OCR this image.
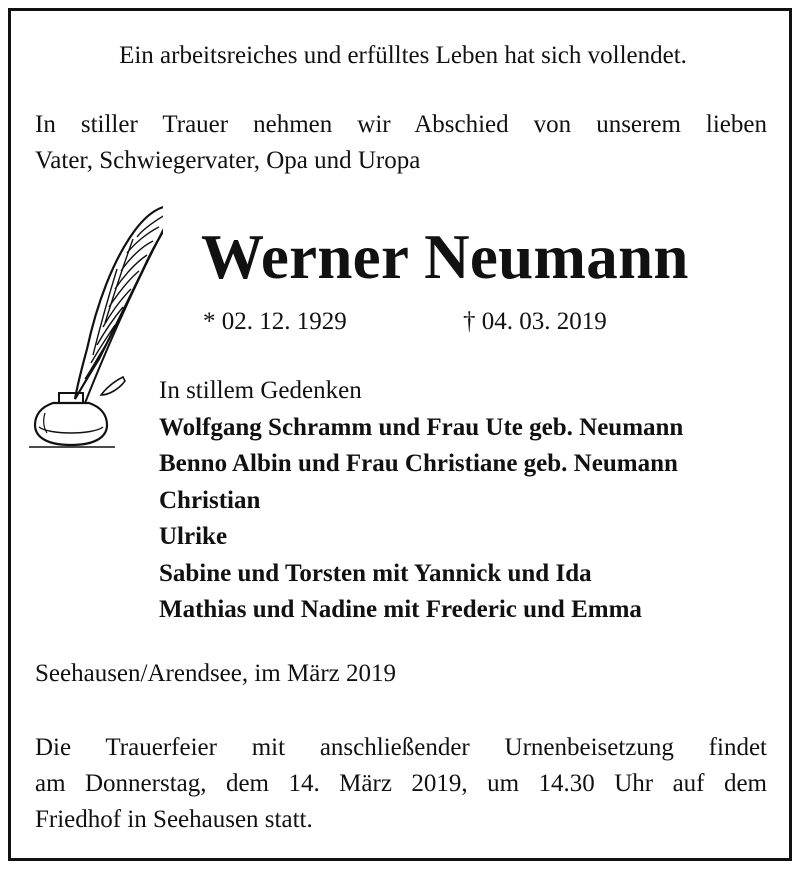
Ein arbeitsreiches und erfülltes Leben hat sich vollendet.

In stiller Trauer nehmen wir Abschied von unserem lieben
Vater, Schwiegervater, Opa und Uropa

Werner Neumann

* 02. 12. 1929	† 04. 03. 2019

In stillem Gedenken
Wolfgang Schramm und Frau Ute geb. Neumann
Benno Albin und Frau Christiane geb. Neumann
Christian
Ulrike
Sabine und Torsten mit Yannick und Ida
Mathias und Nadine mit Frederic und Emma

Seehausen/Arendsee, im März 2019

Die Trauerfeier mit anschließender Urnenbeisetzung findet
am Donnerstag, dem 14. März 2019, um 14.30 Uhr auf dem
Friedhof in Seehausen statt.
